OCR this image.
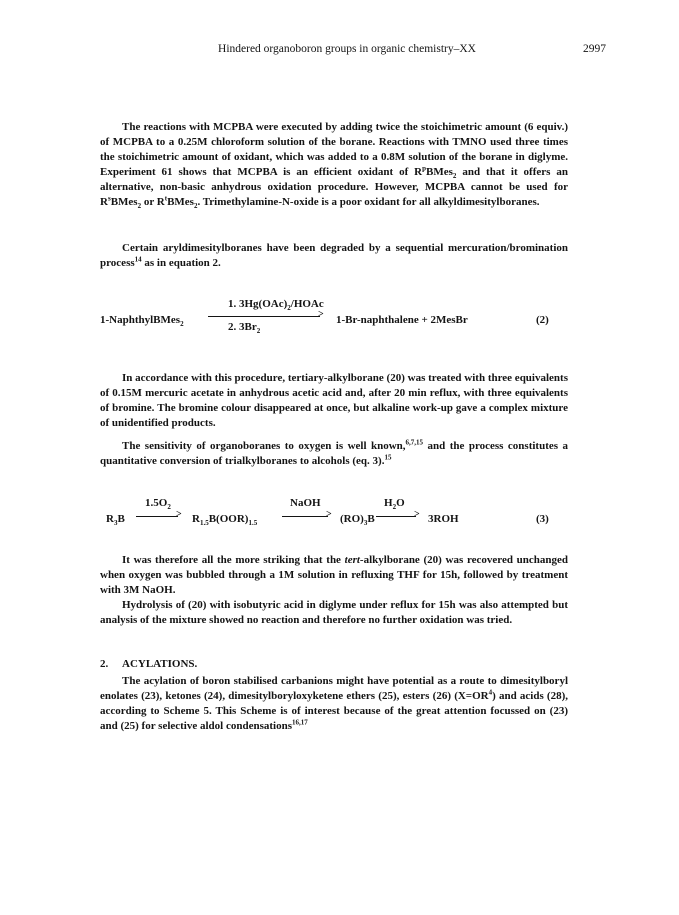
Hindered organoboron groups in organic chemistry–XX	2997

The reactions with MCPBA were executed by adding twice the stoichimetric amount (6 equiv.) of MCPBA to a 0.25M chloroform solution of the borane. Reactions with TMNO used three times the stoichimetric amount of oxidant, which was added to a 0.8M solution of the borane in diglyme. Experiment 61 shows that MCPBA is an efficient oxidant of $R^pBMes_2$ and that it offers an alternative, non-basic anhydrous oxidation procedure. However, MCPBA cannot be used for $R^sBMes_2$ or $R^tBMes_2$. Trimethylamine-N-oxide is a poor oxidant for all alkyldimesitylboranes.

Certain aryldimesitylboranes have been degraded by a sequential mercuration/bromination process$^{14}$ as in equation 2.

1-NaphthylBMes$_2$
1. $3Hg(OAc)_2$/HOAc
>
2. $3Br_2$
1-Br-naphthalene + 2MesBr	(2)

In accordance with this procedure, tertiary-alkylborane (20) was treated with three equivalents of 0.15M mercuric acetate in anhydrous acetic acid and, after 20 min reflux, with three equivalents of bromine. The bromine colour disappeared at once, but alkaline work-up gave a complex mixture of unidentified products.

The sensitivity of organoboranes to oxygen is well known,$^{6,7,15}$ and the process constitutes a quantitative conversion of trialkylboranes to alcohols (eq. 3).$^{15}$

$R_3B$
$1.5O_2$
> $R_{1.5}B(OOR)_{1.5}$
NaOH
> $(RO)_3B$
$H_2O$
> 3ROH	(3)

It was therefore all the more striking that the tert-alkylborane (20) was recovered unchanged when oxygen was bubbled through a 1M solution in refluxing THF for 15h, followed by treatment with 3M NaOH.

Hydrolysis of (20) with isobutyric acid in diglyme under reflux for 15h was also attempted but analysis of the mixture showed no reaction and therefore no further oxidation was tried.

2. ACYLATIONS.

The acylation of boron stabilised carbanions might have potential as a route to dimesitylboryl enolates (23), ketones (24), dimesitylboryloxyketene ethers (25), esters (26) $(X=OR^4)$ and acids (28), according to Scheme 5. This Scheme is of interest because of the great attention focussed on (23) and (25) for selective aldol condensations$^{16,17}$
